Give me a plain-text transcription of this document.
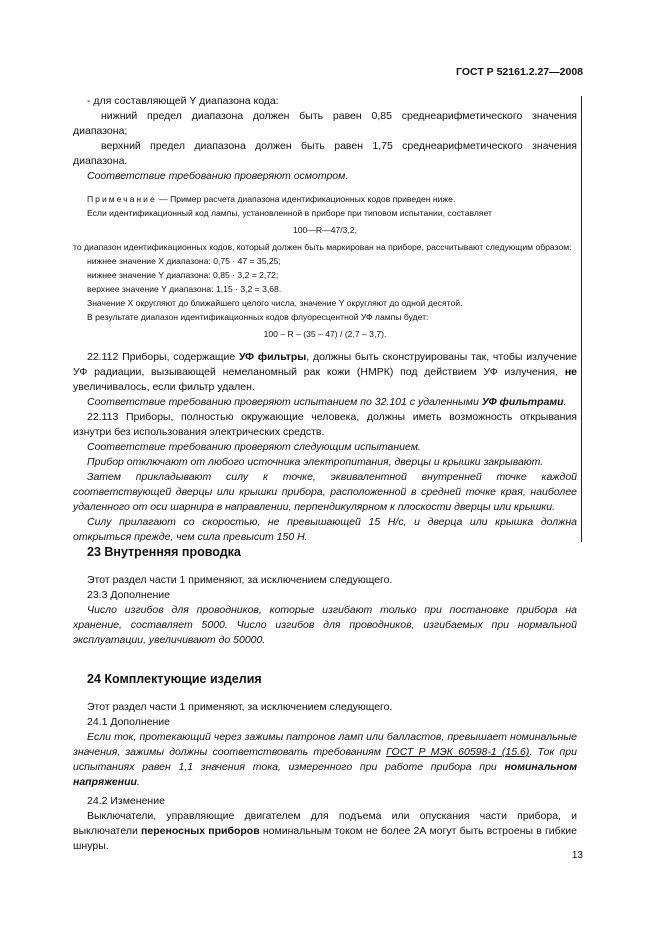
ГОСТ Р 52161.2.27—2008

- для составляющей Y диапазона кода:

нижний предел диапазона должен быть равен 0,85 среднеарифметического значения диапазона;

верхний предел диапазона должен быть равен 1,75 среднеарифметического значения диапазона.

Соответствие требованию проверяют осмотром.

Примечание — Пример расчета диапазона идентификационных кодов приведен ниже.

Если идентификационный код лампы, установленной в приборе при типовом испытании, составляет

100—R—47/3,2,

то диапазон идентификационных кодов, который должен быть маркирован на приборе, рассчитывают следующим образом:

нижнее значение X диапазона: 0,75 · 47 = 35,25;

нижнее значение Y диапазона: 0,85 · 3,2 = 2,72;

верхнее значение Y диапазона: 1,15 · 3,2 = 3,68.

Значение X округляют до ближайшего целого числа, значение Y округляют до одной десятой.

В результате диапазон идентификационных кодов флуоресцентной УФ лампы будет:

100 – R – (35 – 47) / (2,7 – 3,7).

22.112 Приборы, содержащие УФ фильтры, должны быть сконструированы так, чтобы излучение УФ радиации, вызывающей немеланомный рак кожи (НМРК) под действием УФ излучения, не увеличивалось, если фильтр удален.

Соответствие требованию проверяют испытанием по 32.101 с удаленными УФ фильтрами.

22.113 Приборы, полностью окружающие человека, должны иметь возможность открывания изнутри без использования электрических средств.

Соответствие требованию проверяют следующим испытанием.

Прибор отключают от любого источника электропитания, дверцы и крышки закрывают.

Затем прикладывают силу к точке, эквивалентной внутренней точке каждой соответствующей дверцы или крышки прибора, расположенной в средней точке края, наиболее удаленного от оси шарнира в направлении, перпендикулярном к плоскости дверцы или крышки.

Силу прилагают со скоростью, не превышающей 15 Н/с, и дверца или крышка должна открыться прежде, чем сила превысит 150 Н.

23 Внутренняя проводка

Этот раздел части 1 применяют, за исключением следующего.

23.3 Дополнение

Число изгибов для проводников, которые изгибают только при постановке прибора на хранение, составляет 5000. Число изгибов для проводников, изгибаемых при нормальной эксплуатации, увеличивают до 50000.

24 Комплектующие изделия

Этот раздел части 1 применяют, за исключением следующего.

24.1 Дополнение

Если ток, протекающий через зажимы патронов ламп или балластов, превышает номинальные значения, зажимы должны соответствовать требованиям ГОСТ Р МЭК 60598-1 (15.6). Ток при испытаниях равен 1,1 значения тока, измеренного при работе прибора при номинальном напряжении.

24.2 Изменение

Выключатели, управляющие двигателем для подъема или опускания части прибора, и выключатели переносных приборов номинальным током не более 2А могут быть встроены в гибкие шнуры.

13
